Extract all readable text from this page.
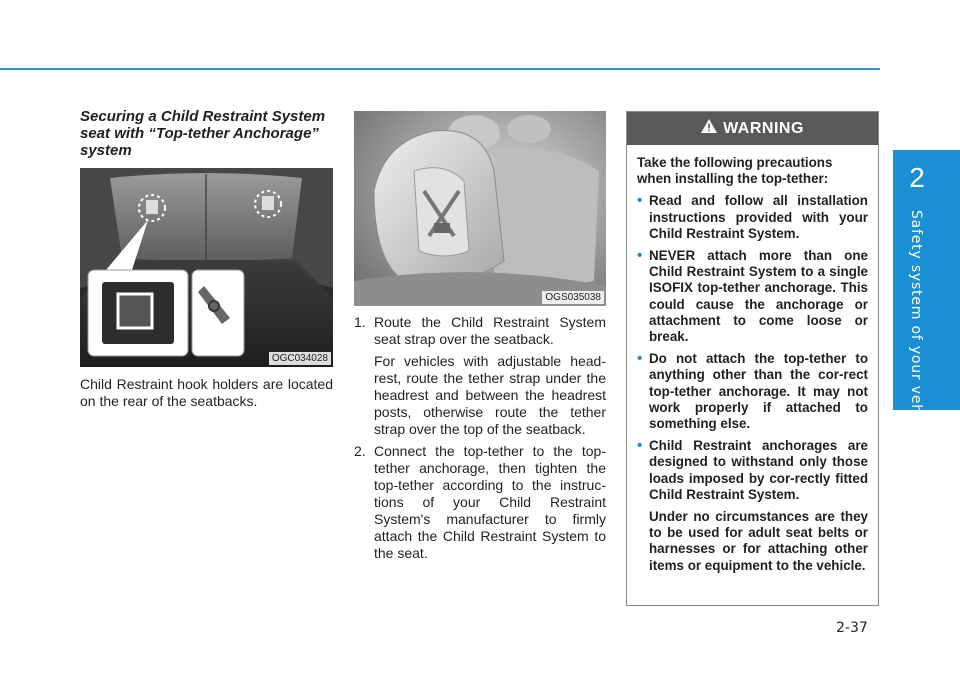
2
Safety system of your vehicle
Securing a Child Restraint System seat with “Top-tether Anchorage” system
OGC034028
Child Restraint hook holders are located on the rear of the seatbacks.
OGS035038
1. Route the Child Restraint System seat strap over the seatback.

For vehicles with adjustable head-rest, route the tether strap under the headrest and between the headrest posts, otherwise route the tether strap over the top of the seatback.

2. Connect the top-tether to the top-tether anchorage, then tighten the top-tether according to the instruc-tions of your Child Restraint System's manufacturer to firmly attach the Child Restraint System to the seat.

WARNING

Take the following precautions when installing the top-tether:

• Read and follow all installation instructions provided with your Child Restraint System.
• NEVER attach more than one Child Restraint System to a single ISOFIX top-tether anchorage. This could cause the anchorage or attachment to come loose or break.
• Do not attach the top-tether to anything other than the cor-rect top-tether anchorage. It may not work properly if attached to something else.
• Child Restraint anchorages are designed to withstand only those loads imposed by cor-rectly fitted Child Restraint System.

Under no circumstances are they to be used for adult seat belts or harnesses or for attaching other items or equipment to the vehicle.

2-37
